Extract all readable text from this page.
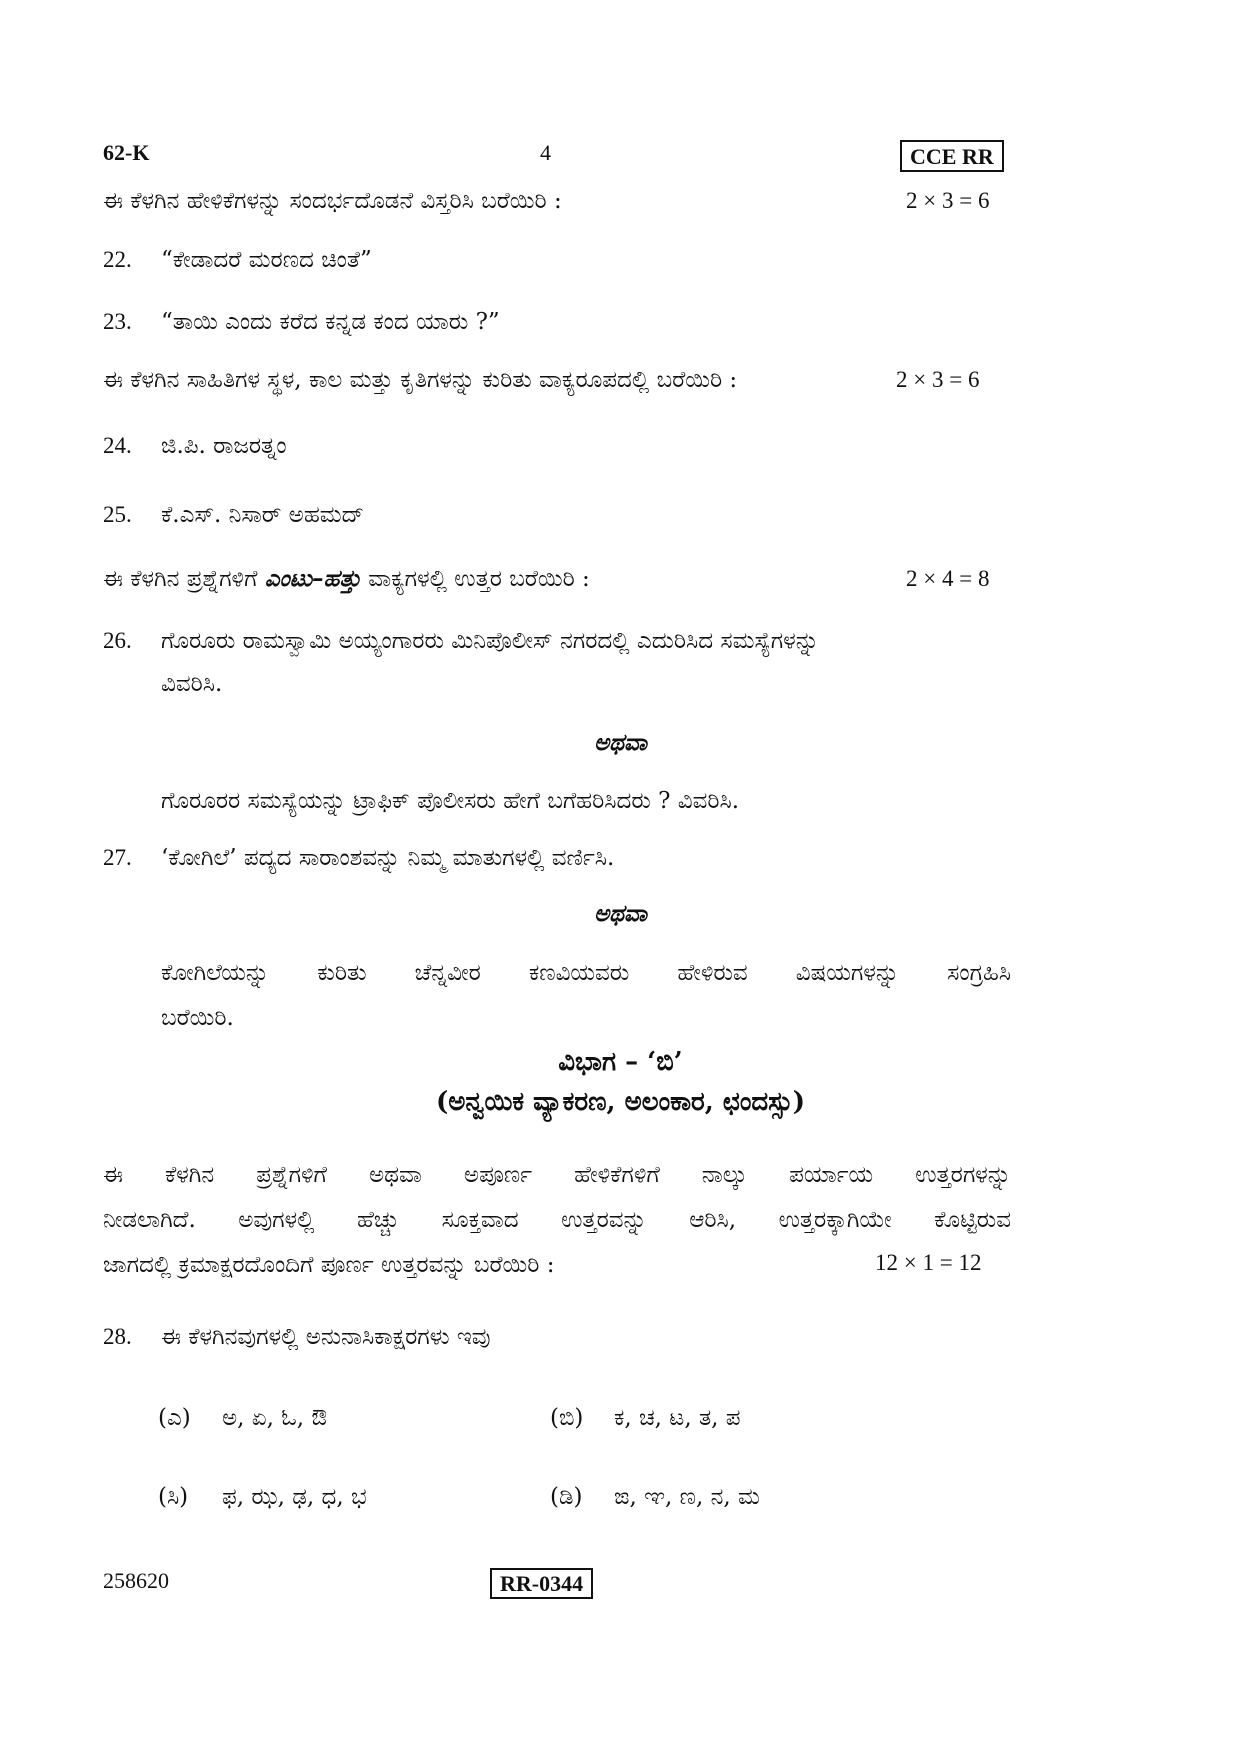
62-K	4	CCE RR
ಈ ಕೆಳಗಿನ ಹೇಳಿಕೆಗಳನ್ನು ಸಂದರ್ಭದೊಡನೆ ವಿಸ್ತರಿಸಿ ಬರೆಯಿರಿ :	2 × 3 = 6
22. “ಕೇಡಾದರೆ ಮರಣದ ಚಿಂತೆ”
23. “ತಾಯಿ ಎಂದು ಕರೆದ ಕನ್ನಡ ಕಂದ ಯಾರು ?”
ಈ ಕೆಳಗಿನ ಸಾಹಿತಿಗಳ ಸ್ಥಳ, ಕಾಲ ಮತ್ತು ಕೃತಿಗಳನ್ನು ಕುರಿತು ವಾಕ್ಯರೂಪದಲ್ಲಿ ಬರೆಯಿರಿ :	2 × 3 = 6
24. ಜಿ.ಪಿ. ರಾಜರತ್ನಂ
25. ಕೆ.ಎಸ್. ನಿಸಾರ್ ಅಹಮದ್
ಈ ಕೆಳಗಿನ ಪ್ರಶ್ನೆಗಳಿಗೆ ಎಂಟು–ಹತ್ತು ವಾಕ್ಯಗಳಲ್ಲಿ ಉತ್ತರ ಬರೆಯಿರಿ :	2 × 4 = 8
26. ಗೊರೂರು ರಾಮಸ್ವಾಮಿ ಅಯ್ಯಂಗಾರರು ಮಿನಿಪೊಲೀಸ್ ನಗರದಲ್ಲಿ ಎದುರಿಸಿದ ಸಮಸ್ಯೆಗಳನ್ನು
ವಿವರಿಸಿ.
ಅಥವಾ
ಗೊರೂರರ ಸಮಸ್ಯೆಯನ್ನು ಟ್ರಾಫಿಕ್ ಪೊಲೀಸರು ಹೇಗೆ ಬಗೆಹರಿಸಿದರು ? ವಿವರಿಸಿ.
27. ‘ಕೋಗಿಲೆ’ ಪದ್ಯದ ಸಾರಾಂಶವನ್ನು ನಿಮ್ಮ ಮಾತುಗಳಲ್ಲಿ ವರ್ಣಿಸಿ.
ಅಥವಾ
ಕೋಗಿಲೆಯನ್ನು ಕುರಿತು ಚೆನ್ನವೀರ ಕಣವಿಯವರು ಹೇಳಿರುವ ವಿಷಯಗಳನ್ನು ಸಂಗ್ರಹಿಸಿ
ಬರೆಯಿರಿ.
ವಿಭಾಗ – ‘ಬಿ’
(ಅನ್ವಯಿಕ ವ್ಯಾಕರಣ, ಅಲಂಕಾರ, ಛಂದಸ್ಸು)
ಈ ಕೆಳಗಿನ ಪ್ರಶ್ನೆಗಳಿಗೆ ಅಥವಾ ಅಪೂರ್ಣ ಹೇಳಿಕೆಗಳಿಗೆ ನಾಲ್ಕು ಪರ್ಯಾಯ ಉತ್ತರಗಳನ್ನು
ನೀಡಲಾಗಿದೆ. ಅವುಗಳಲ್ಲಿ ಹೆಚ್ಚು ಸೂಕ್ತವಾದ ಉತ್ತರವನ್ನು ಆರಿಸಿ, ಉತ್ತರಕ್ಕಾಗಿಯೇ ಕೊಟ್ಟಿರುವ
ಜಾಗದಲ್ಲಿ ಕ್ರಮಾಕ್ಷರದೊಂದಿಗೆ ಪೂರ್ಣ ಉತ್ತರವನ್ನು ಬರೆಯಿರಿ :	12 × 1 = 12
28. ಈ ಕೆಳಗಿನವುಗಳಲ್ಲಿ ಅನುನಾಸಿಕಾಕ್ಷರಗಳು ಇವು
(ಎ) ಅ, ಏ, ಓ, ಔ	(ಬಿ) ಕ, ಚ, ಟ, ತ, ಪ
(ಸಿ) ಫ, ಝ, ಢ, ಧ, ಭ	(ಡಿ) ಙ, ಞ, ಣ, ನ, ಮ
258620	RR-0344
